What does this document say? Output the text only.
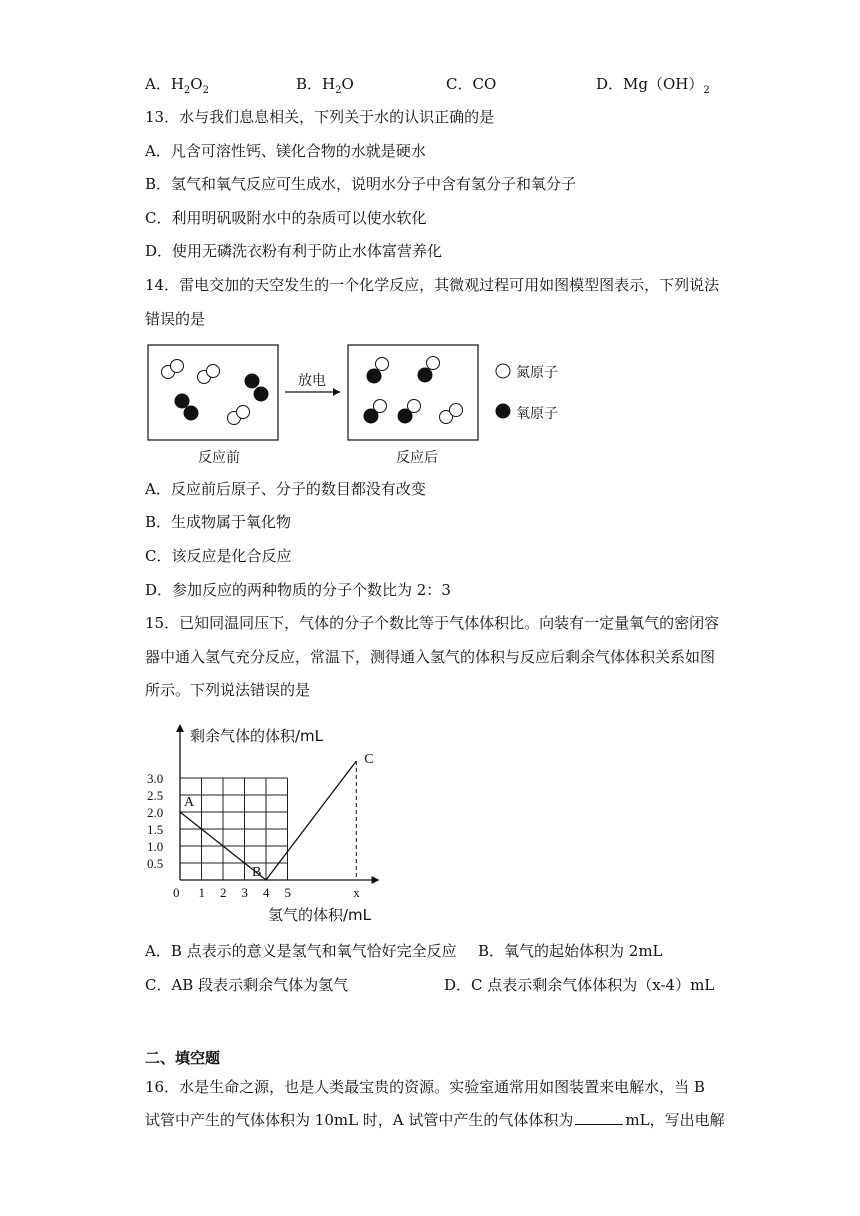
A．$H_2O_2$	B．$H_2O$	C．CO	D．$Mg(OH)_2$
13．水与我们息息相关，下列关于水的认识正确的是
A．凡含可溶性钙、镁化合物的水就是硬水
B．氢气和氧气反应可生成水，说明水分子中含有氢分子和氧分子
C．利用明矾吸附水中的杂质可以使水软化
D．使用无磷洗衣粉有利于防止水体富营养化
14．雷电交加的天空发生的一个化学反应，其微观过程可用如图模型图表示，下列说法
错误的是
放电
反应前	反应后
氮原子
氧原子
A．反应前后原子、分子的数目都没有改变
B．生成物属于氧化物
C．该反应是化合反应
D．参加反应的两种物质的分子个数比为 2：3
15．已知同温同压下，气体的分子个数比等于气体体积比。向装有一定量氧气的密闭容
器中通入氢气充分反应，常温下，测得通入氢气的体积与反应后剩余气体体积关系如图
所示。下列说法错误的是
0 1 2 3 4 5	x
0.5
1.0
1.5
2.0
2.5
3.0
A
B
C
剩余气体的体积/mL
氢气的体积/mL
A．B 点表示的意义是氢气和氧气恰好完全反应 B．氧气的起始体积为 2mL
C．AB 段表示剩余气体为氢气	D．C 点表示剩余气体体积为（x-4）mL
二、填空题
16．水是生命之源，也是人类最宝贵的资源。实验室通常用如图装置来电解水，当 B
试管中产生的气体体积为 10mL 时，A 试管中产生的气体体积为	mL，写出电解
